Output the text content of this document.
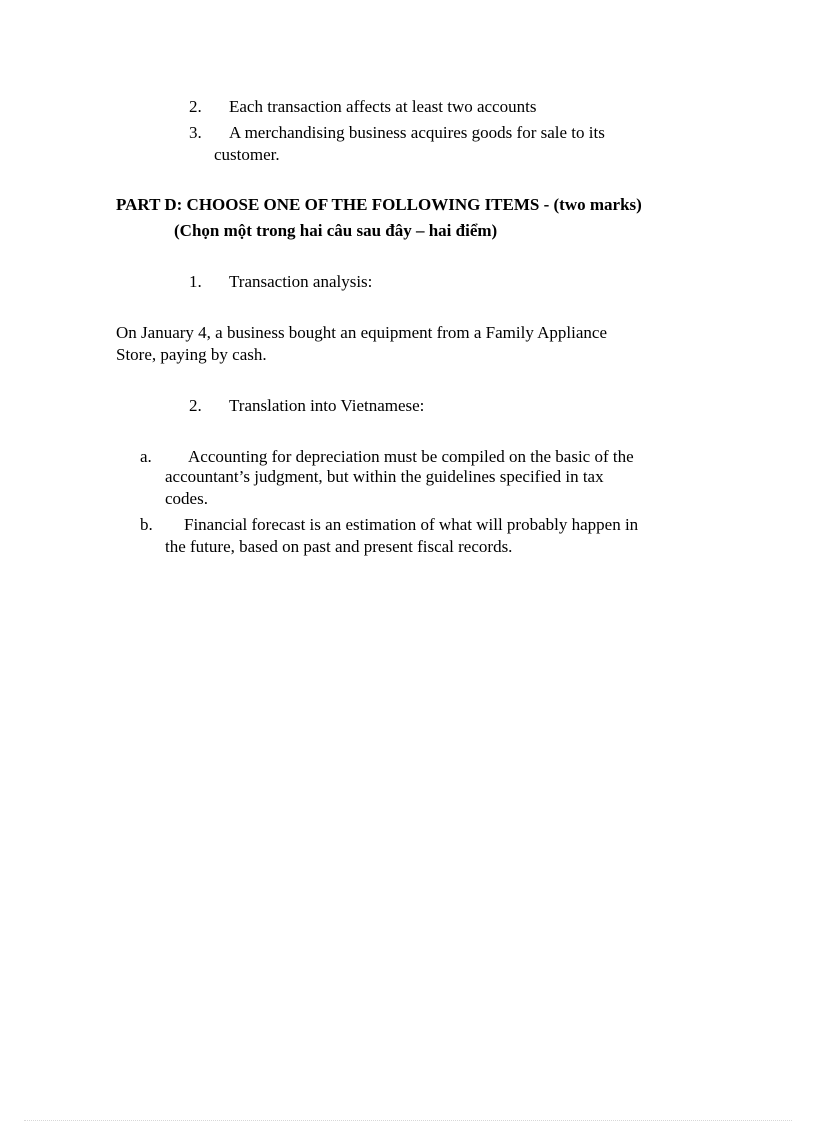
2. Each transaction affects at least two accounts
3. A merchandising business acquires goods for sale to its
customer.
PART D: CHOOSE ONE OF THE FOLLOWING ITEMS - (two marks)
(Chọn một trong hai câu sau đây – hai điểm)
1. Transaction analysis:
On January 4, a business bought an equipment from a Family Appliance
Store, paying by cash.
2. Translation into Vietnamese:
a. Accounting for depreciation must be compiled on the basic of the
accountant’s judgment, but within the guidelines specified in tax
codes.
b. Financial forecast is an estimation of what will probably happen in
the future, based on past and present fiscal records.
